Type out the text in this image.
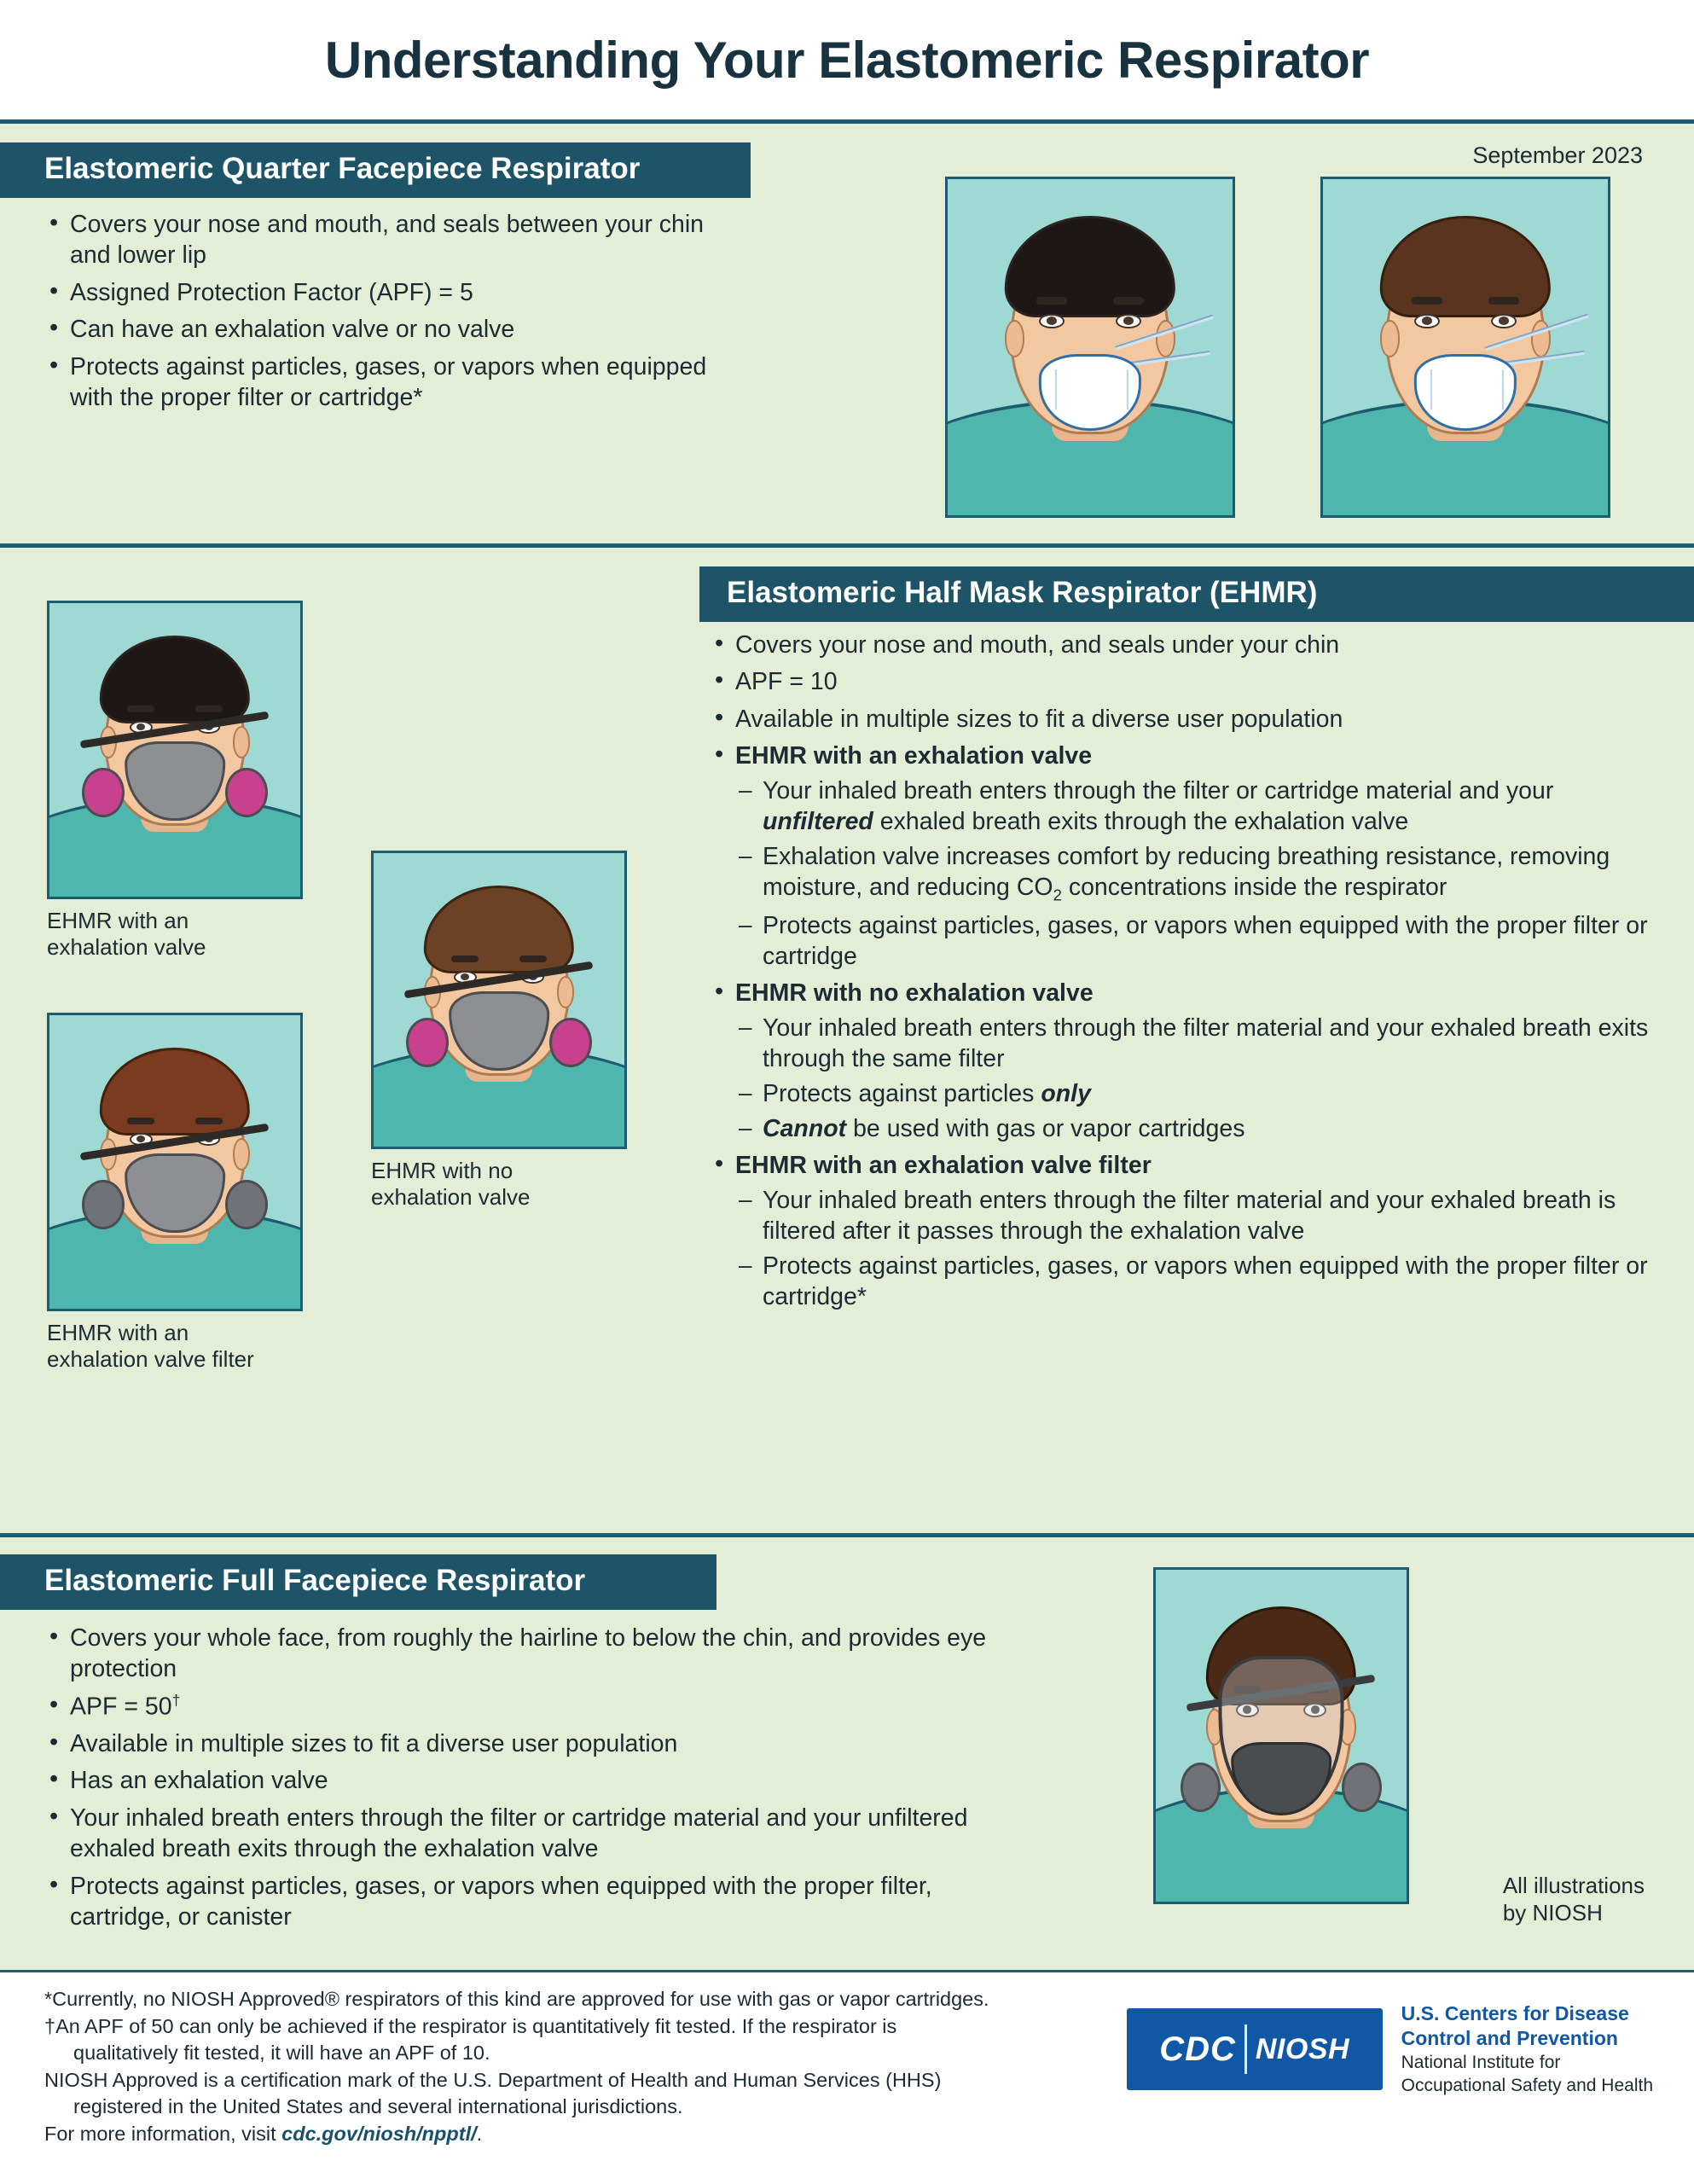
Understanding Your Elastomeric Respirator
Elastomeric Quarter Facepiece Respirator	September 2023
• Covers your nose and mouth, and seals between your chin and lower lip
• Assigned Protection Factor (APF) = 5
• Can have an exhalation valve or no valve
• Protects against particles, gases, or vapors when equipped with the proper filter or cartridge*
Elastomeric Half Mask Respirator (EHMR)
EHMR with an
exhalation valve
EHMR with no
exhalation valve
EHMR with an
exhalation valve filter
• Covers your nose and mouth, and seals under your chin
• APF = 10
• Available in multiple sizes to fit a diverse user population
• EHMR with an exhalation valve
– Your inhaled breath enters through the filter or cartridge material and your unfiltered exhaled breath exits through the exhalation valve
– Exhalation valve increases comfort by reducing breathing resistance, removing moisture, and reducing $CO_2$ concentrations inside the respirator
– Protects against particles, gases, or vapors when equipped with the proper filter or cartridge
• EHMR with no exhalation valve
– Your inhaled breath enters through the filter material and your exhaled breath exits through the same filter
– Protects against particles only
– Cannot be used with gas or vapor cartridges
• EHMR with an exhalation valve filter
– Your inhaled breath enters through the filter material and your exhaled breath is filtered after it passes through the exhalation valve
– Protects against particles, gases, or vapors when equipped with the proper filter or cartridge*
Elastomeric Full Facepiece Respirator
• Covers your whole face, from roughly the hairline to below the chin, and provides eye protection
• APF = 50†
• Available in multiple sizes to fit a diverse user population
• Has an exhalation valve
• Your inhaled breath enters through the filter or cartridge material and your unfiltered exhaled breath exits through the exhalation valve
• Protects against particles, gases, or vapors when equipped with the proper filter, cartridge, or canister
All illustrations
by NIOSH
*Currently, no NIOSH Approved® respirators of this kind are approved for use with gas or vapor cartridges.
†An APF of 50 can only be achieved if the respirator is quantitatively fit tested. If the respirator is
qualitatively fit tested, it will have an APF of 10.
NIOSH Approved is a certification mark of the U.S. Department of Health and Human Services (HHS)
registered in the United States and several international jurisdictions.
For more information, visit cdc.gov/niosh/npptl/.
CDC NIOSH
U.S. Centers for Disease
Control and Prevention
National Institute for
Occupational Safety and Health
